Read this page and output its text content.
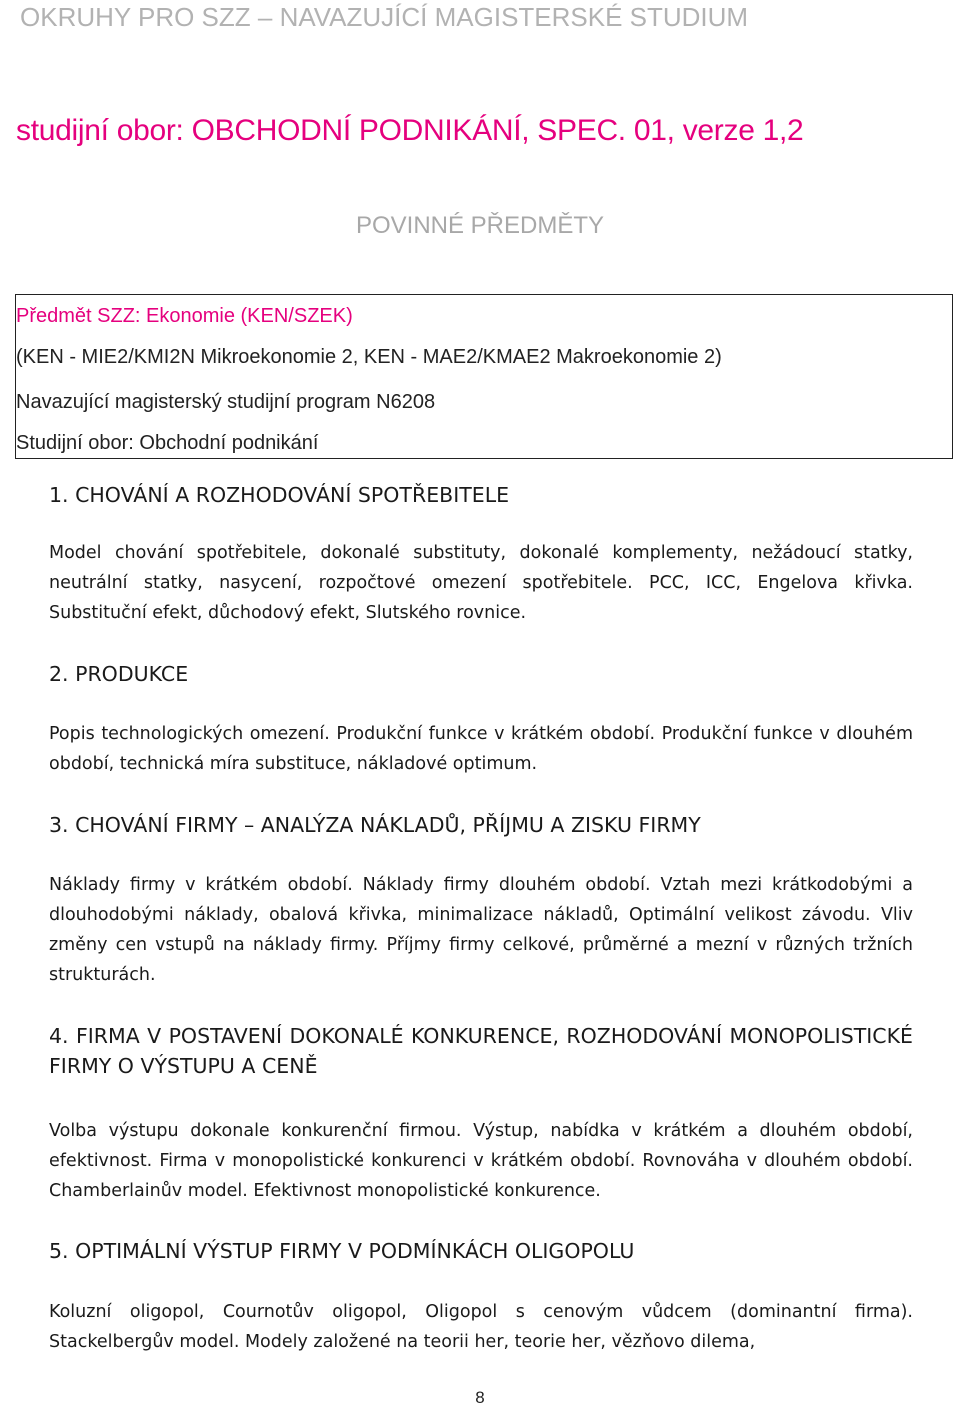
OKRUHY PRO SZZ – NAVAZUJÍCÍ MAGISTERSKÉ STUDIUM
studijní obor: OBCHODNÍ PODNIKÁNÍ, SPEC. 01, verze 1,2
POVINNÉ PŘEDMĚTY
Předmět SZZ: Ekonomie (KEN/SZEK)
(KEN - MIE2/KMI2N Mikroekonomie 2, KEN - MAE2/KMAE2 Makroekonomie 2)
Navazující magisterský studijní program N6208
Studijní obor: Obchodní podnikání
1. CHOVÁNÍ A ROZHODOVÁNÍ SPOTŘEBITELE
Model chování spotřebitele, dokonalé substituty, dokonalé komplementy, nežádoucí statky, neutrální statky, nasycení, rozpočtové omezení spotřebitele. PCC, ICC, Engelova křivka. Substituční efekt, důchodový efekt, Slutského rovnice.
2. PRODUKCE
Popis technologických omezení. Produkční funkce v krátkém období. Produkční funkce v dlouhém období, technická míra substituce, nákladové optimum.
3. CHOVÁNÍ FIRMY – ANALÝZA NÁKLADŮ, PŘÍJMU A ZISKU FIRMY
Náklady firmy v krátkém období. Náklady firmy dlouhém období. Vztah mezi krátkodobými a dlouhodobými náklady, obalová křivka, minimalizace nákladů, Optimální velikost závodu. Vliv změny cen vstupů na náklady firmy. Příjmy firmy celkové, průměrné a mezní v různých tržních strukturách.
4. FIRMA V POSTAVENÍ DOKONALÉ KONKURENCE, ROZHODOVÁNÍ MONOPOLISTICKÉ FIRMY O VÝSTUPU A CENĚ
Volba výstupu dokonale konkurenční firmou. Výstup, nabídka v krátkém a dlouhém období, efektivnost. Firma v monopolistické konkurenci v krátkém období. Rovnováha v dlouhém období. Chamberlainův model. Efektivnost monopolistické konkurence.
5. OPTIMÁLNÍ VÝSTUP FIRMY V PODMÍNKÁCH OLIGOPOLU
Koluzní oligopol, Cournotův oligopol, Oligopol s cenovým vůdcem (dominantní firma). Stackelbergův model. Modely založené na teorii her, teorie her, vězňovo dilema,
8
